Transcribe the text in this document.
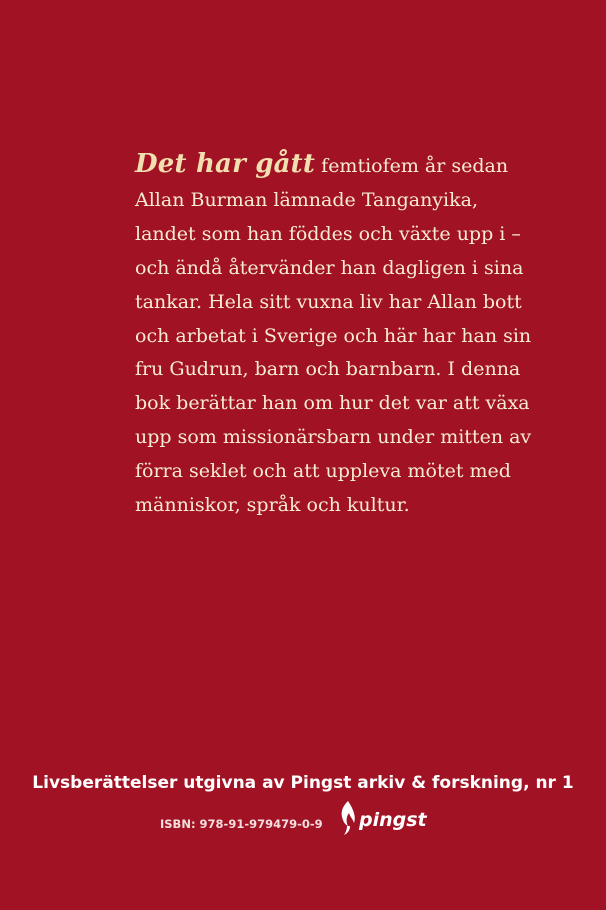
Det har gått femtiofem år sedan
Allan Burman lämnade Tanganyika,
landet som han föddes och växte upp i –
och ändå återvänder han dagligen i sina
tankar. Hela sitt vuxna liv har Allan bott
och arbetat i Sverige och här har han sin
fru Gudrun, barn och barnbarn. I denna
bok berättar han om hur det var att växa
upp som missionärsbarn under mitten av
förra seklet och att uppleva mötet med
människor, språk och kultur.

Livsberättelser utgivna av Pingst arkiv & forskning, nr 1
ISBN: 978-91-979479-0-9 pingst
